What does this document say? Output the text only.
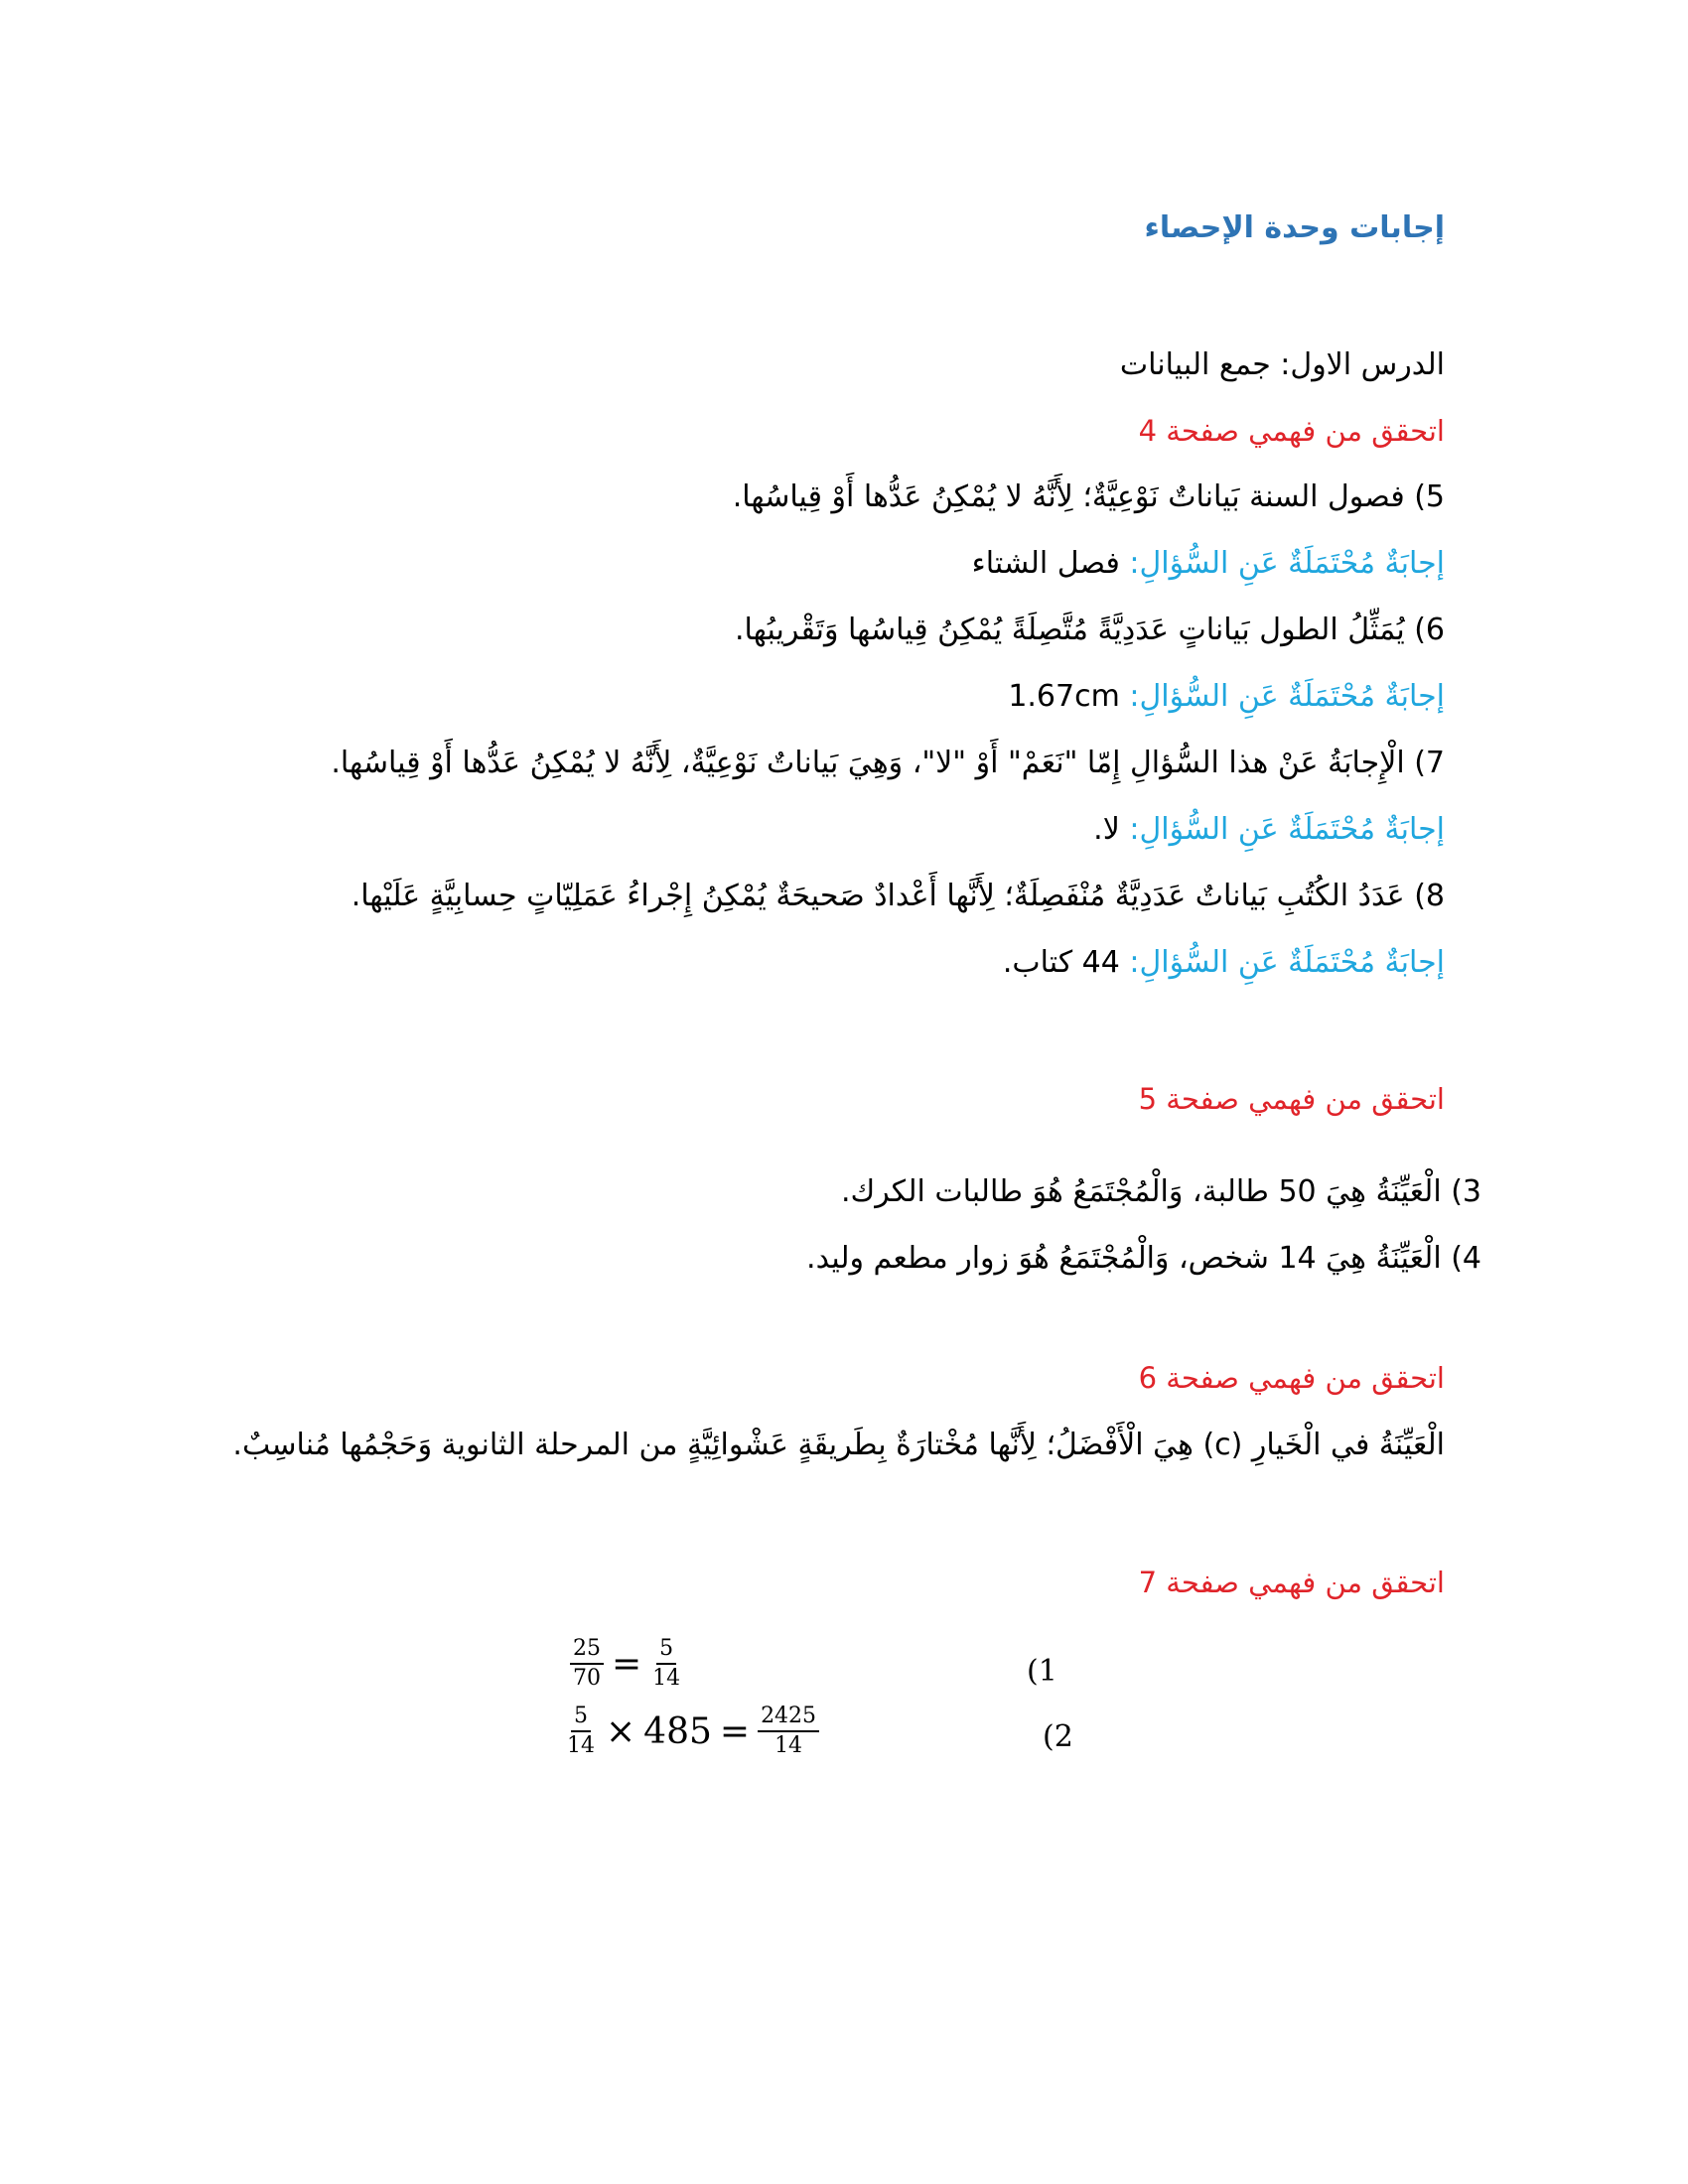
إجابات وحدة الإحصاء
الدرس الاول: جمع البيانات
اتحقق من فهمي صفحة 4
5) فصول السنة بَياناتٌ نَوْعِيَّةٌ؛ لِأَنَّهُ لا يُمْكِنُ عَدُّها أَوْ قِياسُها.
إجابَةٌ مُحْتَمَلَةٌ عَنِ السُّؤالِ: فصل الشتاء
6) يُمَثِّلُ الطول بَياناتٍ عَدَدِيَّةً مُتَّصِلَةً يُمْكِنُ قِياسُها وَتَقْريبُها.
إجابَةٌ مُحْتَمَلَةٌ عَنِ السُّؤالِ: 1.67cm
7) الْإِجابَةُ عَنْ هذا السُّؤالِ إِمّا "نَعَمْ" أَوْ "لا"، وَهِيَ بَياناتٌ نَوْعِيَّةٌ، لِأَنَّهُ لا يُمْكِنُ عَدُّها أَوْ قِياسُها.
إجابَةٌ مُحْتَمَلَةٌ عَنِ السُّؤالِ: لا.
8) عَدَدُ الكُتُبِ بَياناتٌ عَدَدِيَّةٌ مُنْفَصِلَةٌ؛ لِأَنَّها أَعْدادٌ صَحيحَةٌ يُمْكِنُ إِجْراءُ عَمَلِيّاتٍ حِسابِيَّةٍ عَلَيْها.
إجابَةٌ مُحْتَمَلَةٌ عَنِ السُّؤالِ: 44 كتاب.
اتحقق من فهمي صفحة 5
3) الْعَيِّنَةُ هِيَ 50 طالبة، وَالْمُجْتَمَعُ هُوَ طالبات الكرك.
4) الْعَيِّنَةُ هِيَ 14 شخص، وَالْمُجْتَمَعُ هُوَ زوار مطعم وليد.
اتحقق من فهمي صفحة 6
الْعَيِّنَةُ في الْخَيارِ (c) هِيَ الْأَفْضَلُ؛ لِأَنَّها مُخْتارَةٌ بِطَريقَةٍ عَشْوائِيَّةٍ من المرحلة الثانوية وَحَجْمُها مُناسِبٌ.
اتحقق من فهمي صفحة 7
(1
(2
$\frac{25}{70} = \frac{5}{14}$
$\frac{5}{14} \times 485 = \frac{2425}{14}$
